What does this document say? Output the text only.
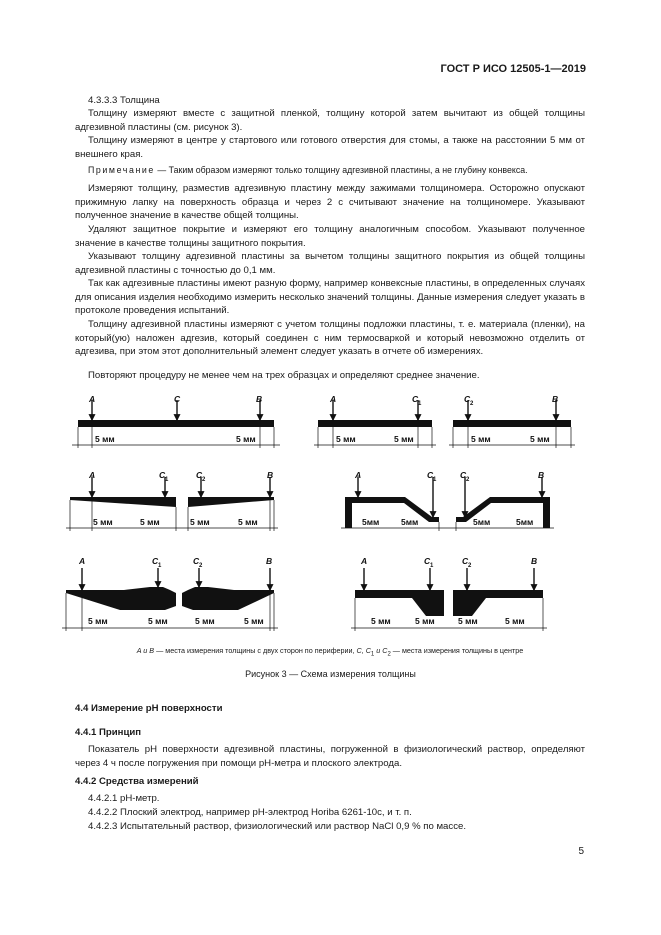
ГОСТ Р ИСО 12505-1—2019
4.3.3.3 Толщина
Толщину измеряют вместе с защитной пленкой, толщину которой затем вычитают из общей толщины адгезивной пластины (см. рисунок 3).
Толщину измеряют в центре у стартового или готового отверстия для стомы, а также на расстоянии 5 мм от внешнего края.
Примечание — Таким образом измеряют только толщину адгезивной пластины, а не глубину конвекса.
Измеряют толщину, разместив адгезивную пластину между зажимами толщиномера. Осторожно опускают прижимную лапку на поверхность образца и через 2 с считывают значение на толщиномере. Указывают полученное значение в качестве общей толщины.
Удаляют защитное покрытие и измеряют его толщину аналогичным способом. Указывают полученное значение в качестве толщины защитного покрытия.
Указывают толщину адгезивной пластины за вычетом толщины защитного покрытия из общей толщины адгезивной пластины с точностью до 0,1 мм.
Так как адгезивные пластины имеют разную форму, например конвексные пластины, в определенных случаях для описания изделия необходимо измерить несколько значений толщины. Данные измерения следует указать в протоколе проведения испытаний.
Толщину адгезивной пластины измеряют с учетом толщины подложки пластины, т. е. материала (пленки), на который(ую) наложен адгезив, который соединен с ним термосваркой и который невозможно отделить от адгезива, при этом этот дополнительный элемент следует указать в отчете об измерениях.
Повторяют процедуру не менее чем на трех образцах и определяют среднее значение.
A	C	B
5 мм	5 мм
A	C 1	C 2	B
5 мм	5 мм	5 мм	5 мм
A	C 1	C 2	B
5 мм	5 мм	5 мм	5 мм
A	C 1	C 2	B
5мм	5мм	5мм	5мм
A	C 1	C 2	B
5 мм	5 мм	5 мм	5 мм
A	C 1	C 2	B
5 мм	5 мм	5 мм	5 мм
A и B — места измерения толщины с двух сторон по периферии, C, $C_1$ и $C_2$ — места измерения толщины в центре
Рисунок 3 — Схема измерения толщины
4.4 Измерение pH поверхности
4.4.1 Принцип
Показатель pH поверхности адгезивной пластины, погруженной в физиологический раствор, определяют через 4 ч после погружения при помощи pH-метра и плоского электрода.
4.4.2 Средства измерений
4.4.2.1 pH-метр.
4.4.2.2 Плоский электрод, например pH-электрод Horiba 6261-10c, и т. п.
4.4.2.3 Испытательный раствор, физиологический или раствор NaCl 0,9 % по массе.
5
